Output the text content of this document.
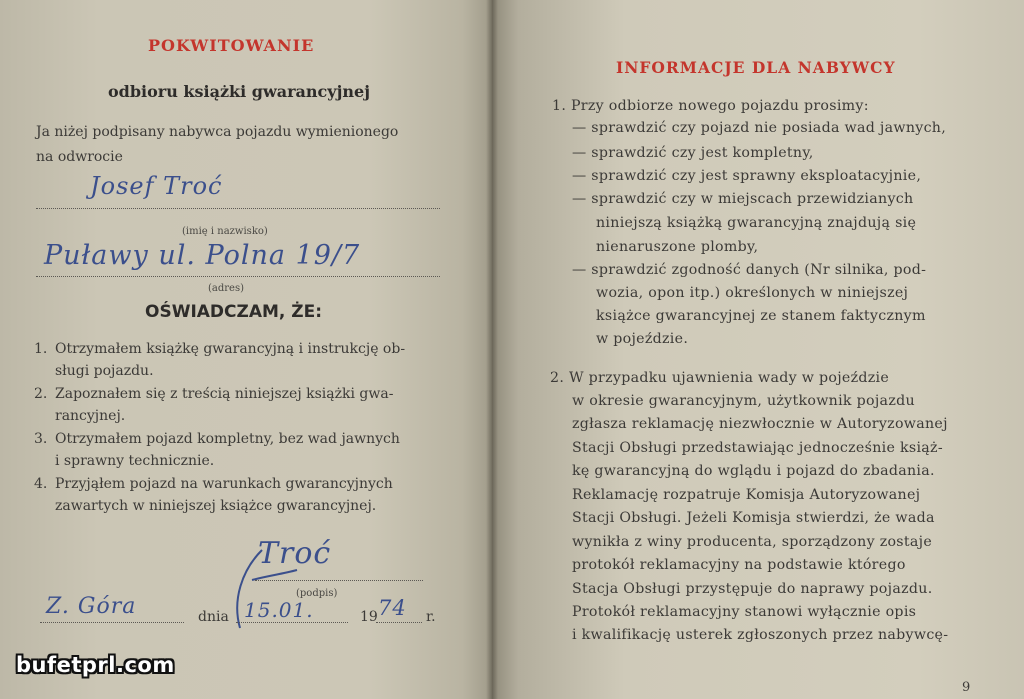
POKWITOWANIE
odbioru książki gwarancyjnej
Ja niżej podpisany nabywca pojazdu wymienionego
na odwrocie
Josef Troć
(imię i nazwisko)
Puławy ul. Polna 19/7
(adres)
OŚWIADCZAM, ŻE:
1. Otrzymałem książkę gwarancyjną i instrukcję ob-
sługi pojazdu.
2. Zapoznałem się z treścią niniejszej książki gwa-
rancyjnej.
3. Otrzymałem pojazd kompletny, bez wad jawnych
i sprawny technicznie.
4. Przyjąłem pojazd na warunkach gwarancyjnych
zawartych w niniejszej książce gwarancyjnej.
Troć
(podpis)
Z. Góra	dnia 15.01.	19 74 r.
INFORMACJE DLA NABYWCY
1. Przy odbiorze nowego pojazdu prosimy:
— sprawdzić czy pojazd nie posiada wad jawnych,
— sprawdzić czy jest kompletny,
— sprawdzić czy jest sprawny eksploatacyjnie,
— sprawdzić czy w miejscach przewidzianych
niniejszą książką gwarancyjną znajdują się
nienaruszone plomby,
— sprawdzić zgodność danych (Nr silnika, pod-
wozia, opon itp.) określonych w niniejszej
książce gwarancyjnej ze stanem faktycznym
w pojeździe.
2. W przypadku ujawnienia wady w pojeździe
w okresie gwarancyjnym, użytkownik pojazdu
zgłasza reklamację niezwłocznie w Autoryzowanej
Stacji Obsługi przedstawiając jednocześnie książ-
kę gwarancyjną do wglądu i pojazd do zbadania.
Reklamację rozpatruje Komisja Autoryzowanej
Stacji Obsługi. Jeżeli Komisja stwierdzi, że wada
wynikła z winy producenta, sporządzony zostaje
protokół reklamacyjny na podstawie którego
Stacja Obsługi przystępuje do naprawy pojazdu.
Protokół reklamacyjny stanowi wyłącznie opis
i kwalifikację usterek zgłoszonych przez nabywcę-
9
bufetprl.com
